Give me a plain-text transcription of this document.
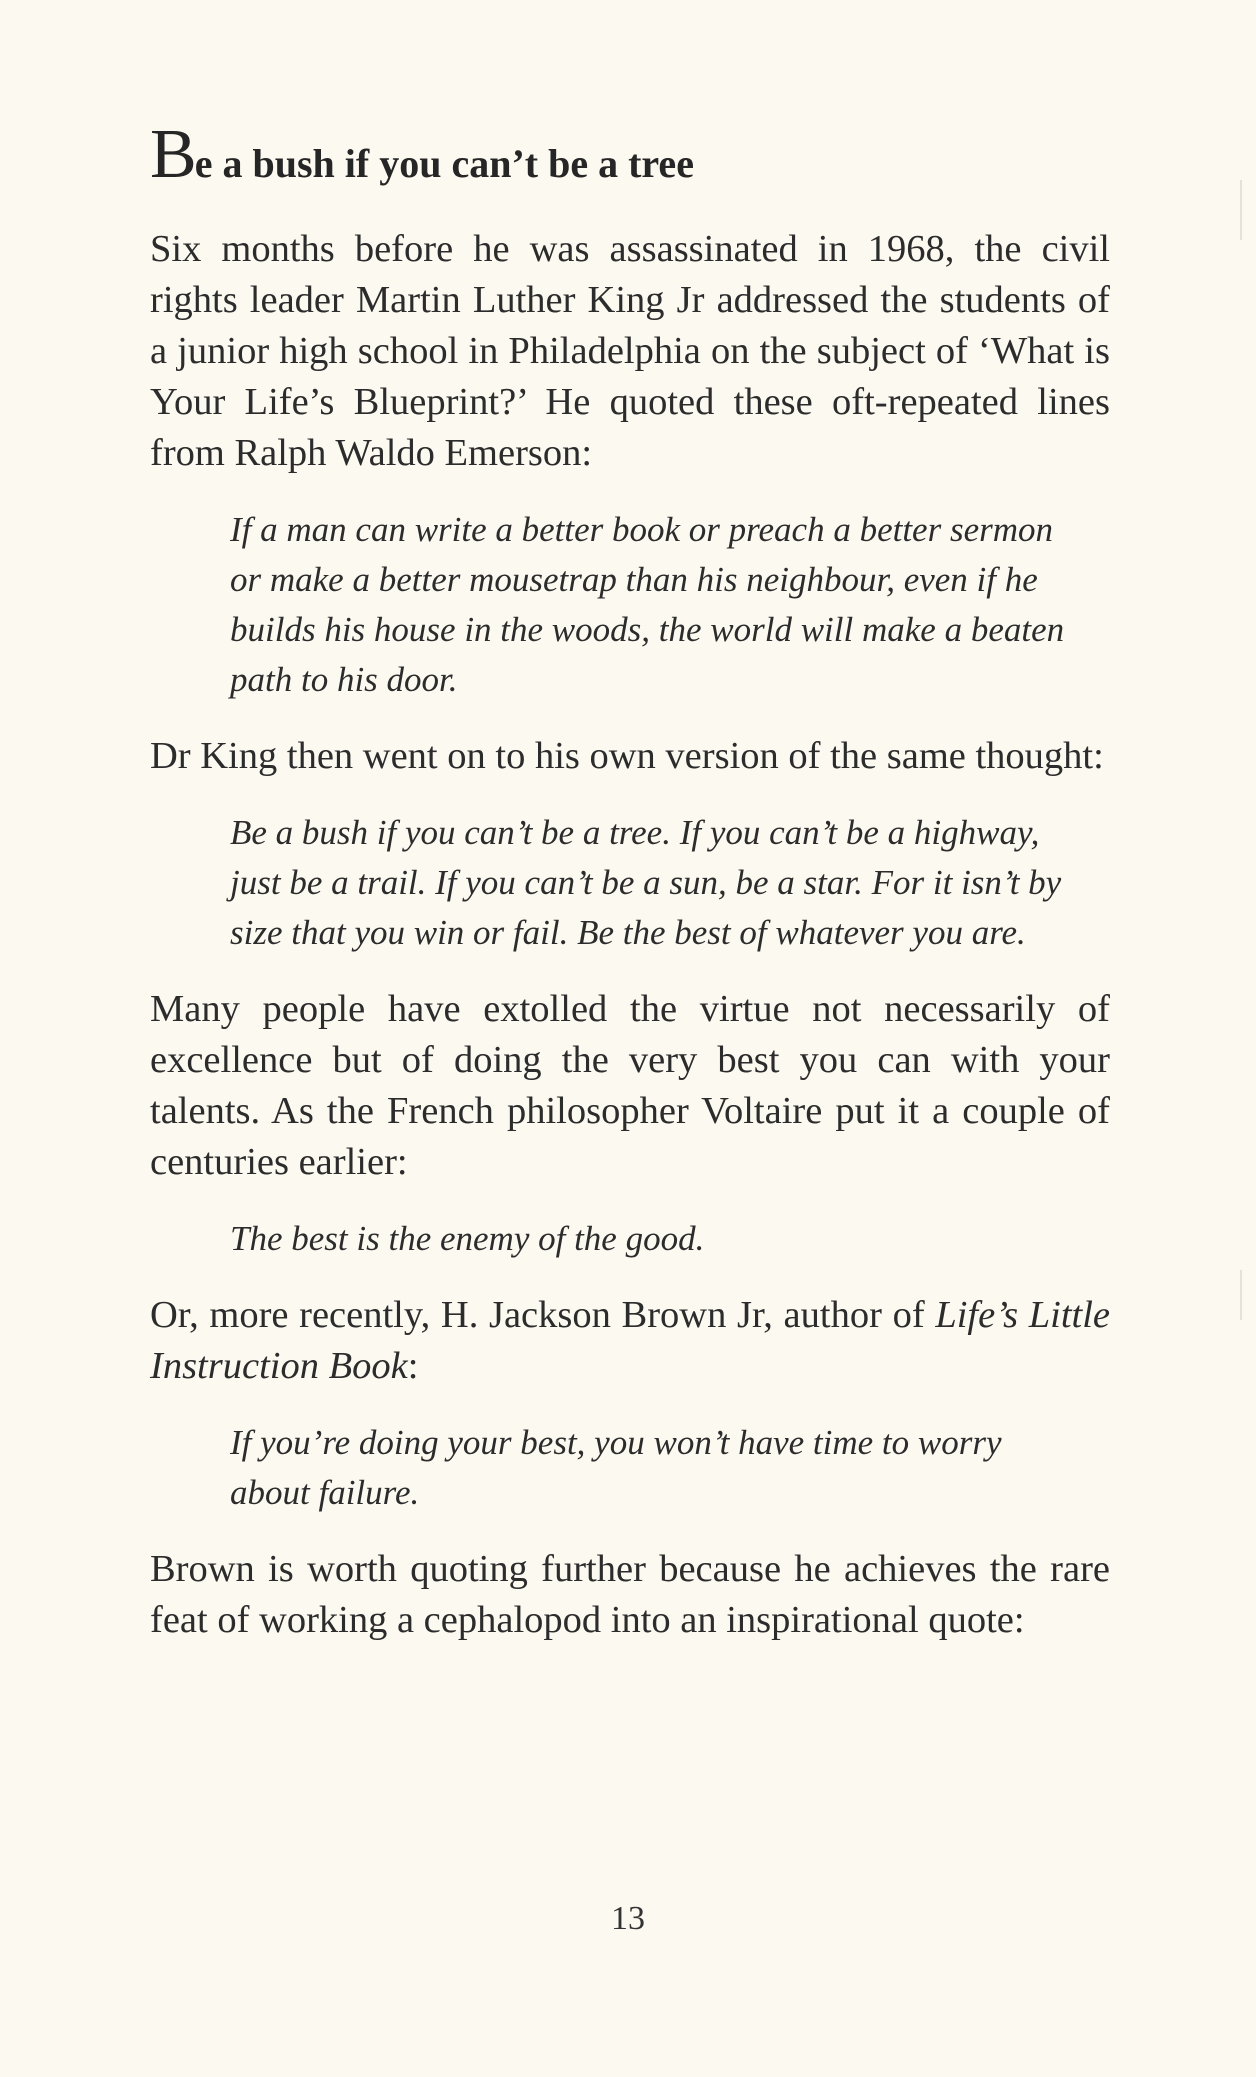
Be a bush if you can’t be a tree

Six months before he was assassinated in 1968, the civil rights leader Martin Luther King Jr addressed the students of a junior high school in Philadelphia on the subject of ‘What is Your Life’s Blueprint?’ He quoted these oft-repeated lines from Ralph Waldo Emerson:

If a man can write a better book or preach a better sermon or make a better mousetrap than his neighbour, even if he builds his house in the woods, the world will make a beaten path to his door.

Dr King then went on to his own version of the same thought:

Be a bush if you can’t be a tree. If you can’t be a highway, just be a trail. If you can’t be a sun, be a star. For it isn’t by size that you win or fail. Be the best of whatever you are.

Many people have extolled the virtue not necessarily of excellence but of doing the very best you can with your talents. As the French philosopher Voltaire put it a couple of centuries earlier:

The best is the enemy of the good.

Or, more recently, H. Jackson Brown Jr, author of Life’s Little Instruction Book:

If you’re doing your best, you won’t have time to worry about failure.

Brown is worth quoting further because he achieves the rare feat of working a cephalopod into an inspirational quote:

13
